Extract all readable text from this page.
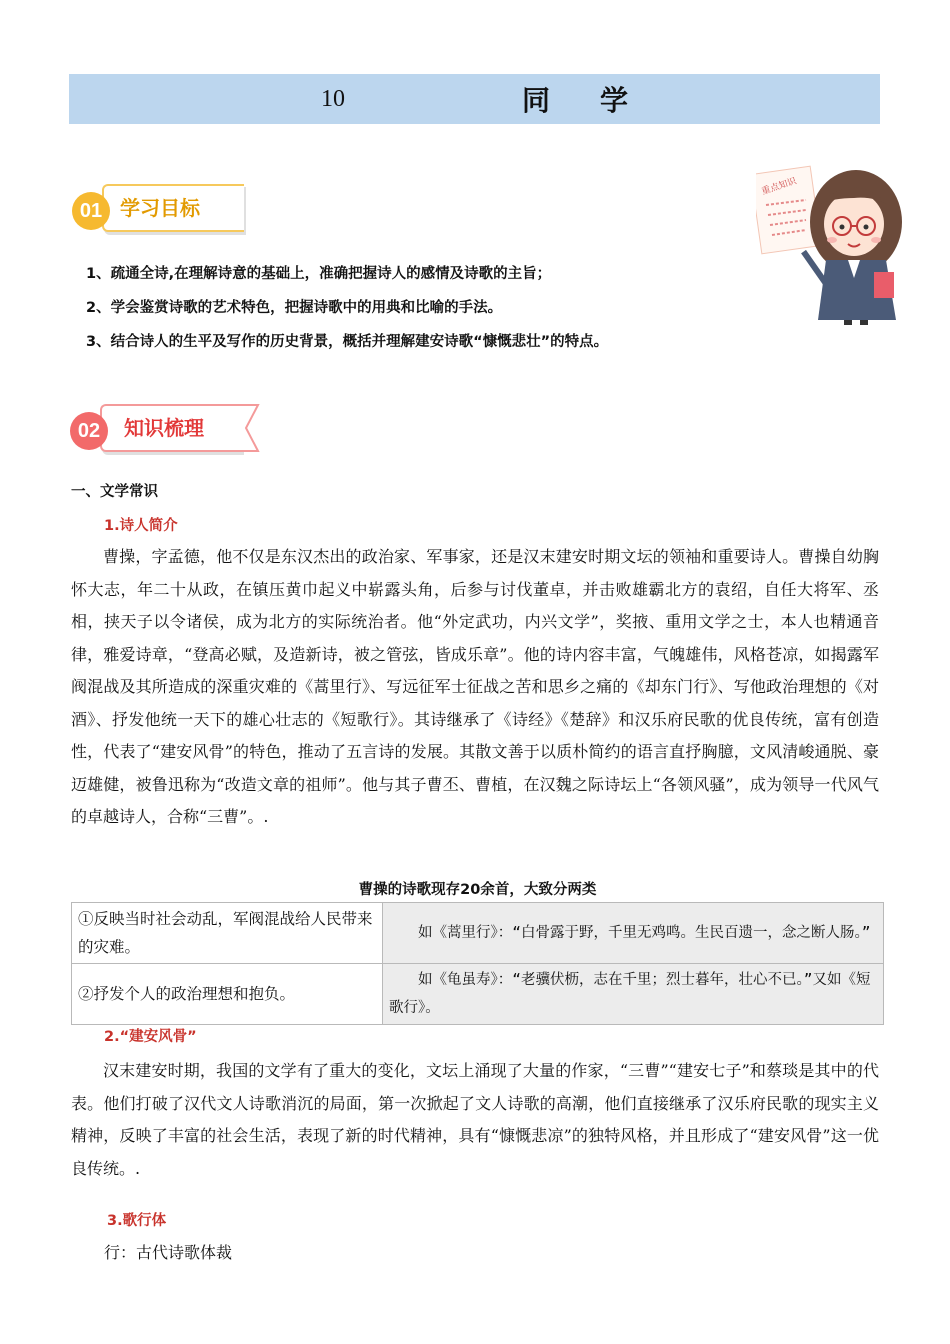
10	同学
学习目标
01
1、疏通全诗,在理解诗意的基础上，准确把握诗人的感情及诗歌的主旨；
2、学会鉴赏诗歌的艺术特色，把握诗歌中的用典和比喻的手法。
3、结合诗人的生平及写作的历史背景，概括并理解建安诗歌“慷慨悲壮”的特点。
重点知识
知识梳理
02
一、文学常识
1.诗人简介

曹操，字孟德，他不仅是东汉杰出的政治家、军事家，还是汉末建安时期文坛的领袖和重要诗人。曹操自幼胸怀大志，年二十从政，在镇压黄巾起义中崭露头角，后参与讨伐董卓，并击败雄霸北方的袁绍，自任大将军、丞相，挟天子以令诸侯，成为北方的实际统治者。他“外定武功，内兴文学”，奖掖、重用文学之士，本人也精通音律，雅爱诗章，“登高必赋，及造新诗，被之管弦，皆成乐章”。他的诗内容丰富，气魄雄伟，风格苍凉，如揭露军阀混战及其所造成的深重灾难的《蒿里行》、写远征军士征战之苦和思乡之痛的《却东门行》、写他政治理想的《对酒》、抒发他统一天下的雄心壮志的《短歌行》。其诗继承了《诗经》《楚辞》和汉乐府民歌的优良传统，富有创造性，代表了“建安风骨”的特色，推动了五言诗的发展。其散文善于以质朴简约的语言直抒胸臆，文风清峻通脱、豪迈雄健，被鲁迅称为“改造文章的祖师”。他与其子曹丕、曹植，在汉魏之际诗坛上“各领风骚”，成为领导一代风气的卓越诗人，合称“三曹”。.

曹操的诗歌现存20余首，大致分两类
①反映当时社会动乱，军阀混战给人民带来的灾难。	如《蒿里行》：“白骨露于野，千里无鸡鸣。生民百遗一，念之断人肠。”
②抒发个人的政治理想和抱负。	如《龟虽寿》：“老骥伏枥，志在千里；烈士暮年，壮心不已。”又如《短歌行》。
2.“建安风骨”

汉末建安时期，我国的文学有了重大的变化，文坛上涌现了大量的作家，“三曹”“建安七子”和蔡琰是其中的代表。他们打破了汉代文人诗歌消沉的局面，第一次掀起了文人诗歌的高潮，他们直接继承了汉乐府民歌的现实主义精神，反映了丰富的社会生活，表现了新的时代精神，具有“慷慨悲凉”的独特风格，并且形成了“建安风骨”这一优良传统。.

3.歌行体
行：古代诗歌体裁
